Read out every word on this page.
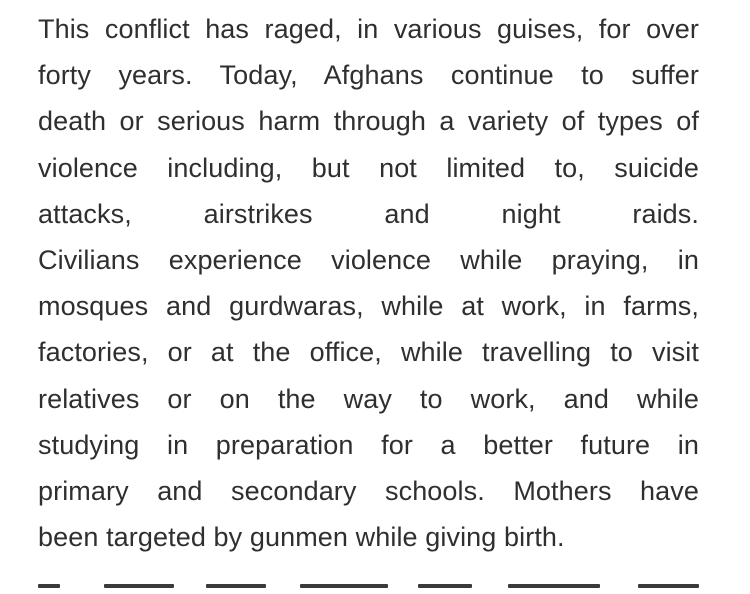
This conflict has raged, in various guises, for over
forty years. Today, Afghans continue to suffer
death or serious harm through a variety of types of
violence including, but not limited to, suicide
attacks, airstrikes and night raids.
Civilians experience violence while praying, in
mosques and gurdwaras, while at work, in farms,
factories, or at the office, while travelling to visit
relatives or on the way to work, and while
studying in preparation for a better future in
primary and secondary schools. Mothers have
been targeted by gunmen while giving birth.
